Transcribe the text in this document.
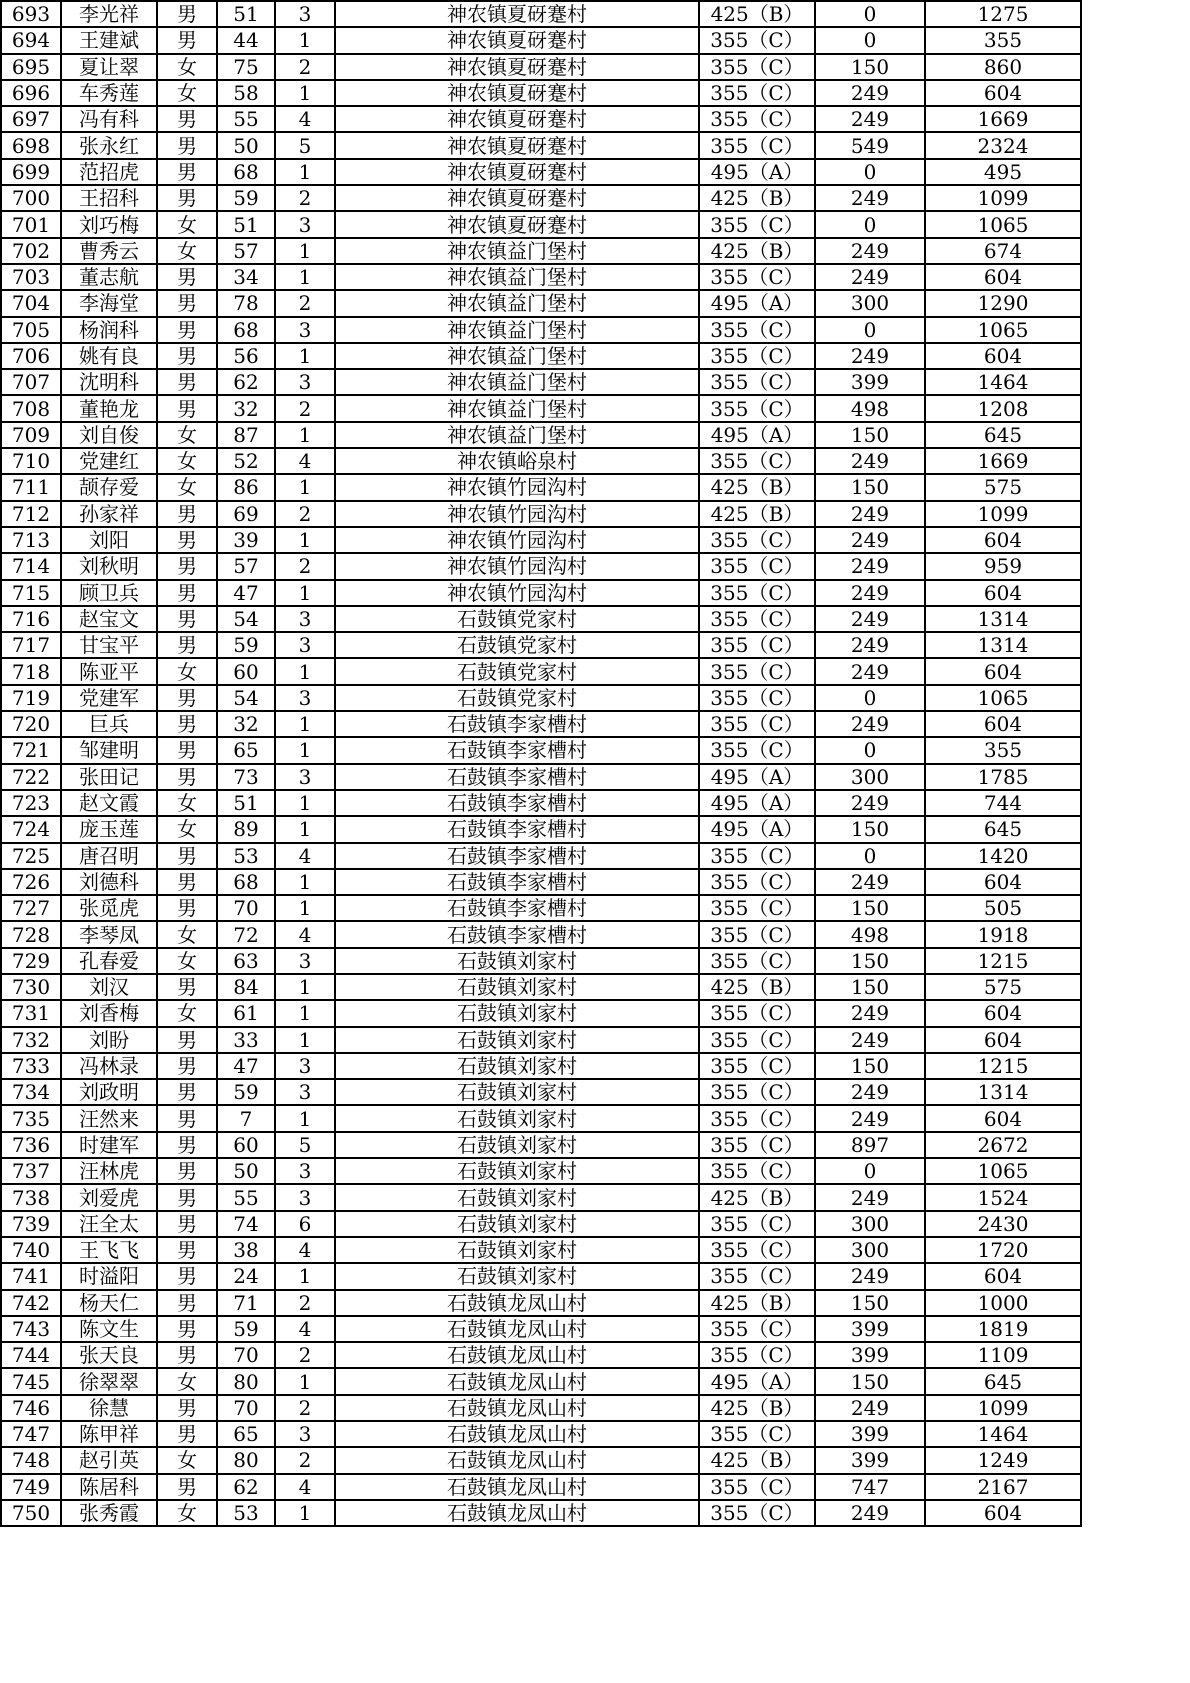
693	李光祥	男	51	3	神农镇夏砑蹇村	425（B）	0	1275
694	王建斌	男	44	1	神农镇夏砑蹇村	355（C）	0	355
695	夏让翠	女	75	2	神农镇夏砑蹇村	355（C）	150	860
696	车秀莲	女	58	1	神农镇夏砑蹇村	355（C）	249	604
697	冯有科	男	55	4	神农镇夏砑蹇村	355（C）	249	1669
698	张永红	男	50	5	神农镇夏砑蹇村	355（C）	549	2324
699	范招虎	男	68	1	神农镇夏砑蹇村	495（A）	0	495
700	王招科	男	59	2	神农镇夏砑蹇村	425（B）	249	1099
701	刘巧梅	女	51	3	神农镇夏砑蹇村	355（C）	0	1065
702	曹秀云	女	57	1	神农镇益门堡村	425（B）	249	674
703	董志航	男	34	1	神农镇益门堡村	355（C）	249	604
704	李海堂	男	78	2	神农镇益门堡村	495（A）	300	1290
705	杨润科	男	68	3	神农镇益门堡村	355（C）	0	1065
706	姚有良	男	56	1	神农镇益门堡村	355（C）	249	604
707	沈明科	男	62	3	神农镇益门堡村	355（C）	399	1464
708	董艳龙	男	32	2	神农镇益门堡村	355（C）	498	1208
709	刘自俊	女	87	1	神农镇益门堡村	495（A）	150	645
710	党建红	女	52	4	神农镇峪泉村	355（C）	249	1669
711	颉存爱	女	86	1	神农镇竹园沟村	425（B）	150	575
712	孙家祥	男	69	2	神农镇竹园沟村	425（B）	249	1099
713	刘阳	男	39	1	神农镇竹园沟村	355（C）	249	604
714	刘秋明	男	57	2	神农镇竹园沟村	355（C）	249	959
715	顾卫兵	男	47	1	神农镇竹园沟村	355（C）	249	604
716	赵宝文	男	54	3	石鼓镇党家村	355（C）	249	1314
717	甘宝平	男	59	3	石鼓镇党家村	355（C）	249	1314
718	陈亚平	女	60	1	石鼓镇党家村	355（C）	249	604
719	党建军	男	54	3	石鼓镇党家村	355（C）	0	1065
720	巨兵	男	32	1	石鼓镇李家槽村	355（C）	249	604
721	邹建明	男	65	1	石鼓镇李家槽村	355（C）	0	355
722	张田记	男	73	3	石鼓镇李家槽村	495（A）	300	1785
723	赵文霞	女	51	1	石鼓镇李家槽村	495（A）	249	744
724	庞玉莲	女	89	1	石鼓镇李家槽村	495（A）	150	645
725	唐召明	男	53	4	石鼓镇李家槽村	355（C）	0	1420
726	刘德科	男	68	1	石鼓镇李家槽村	355（C）	249	604
727	张觅虎	男	70	1	石鼓镇李家槽村	355（C）	150	505
728	李琴凤	女	72	4	石鼓镇李家槽村	355（C）	498	1918
729	孔春爱	女	63	3	石鼓镇刘家村	355（C）	150	1215
730	刘汉	男	84	1	石鼓镇刘家村	425（B）	150	575
731	刘香梅	女	61	1	石鼓镇刘家村	355（C）	249	604
732	刘盼	男	33	1	石鼓镇刘家村	355（C）	249	604
733	冯林录	男	47	3	石鼓镇刘家村	355（C）	150	1215
734	刘政明	男	59	3	石鼓镇刘家村	355（C）	249	1314
735	汪然来	男	7	1	石鼓镇刘家村	355（C）	249	604
736	时建军	男	60	5	石鼓镇刘家村	355（C）	897	2672
737	汪林虎	男	50	3	石鼓镇刘家村	355（C）	0	1065
738	刘爱虎	男	55	3	石鼓镇刘家村	425（B）	249	1524
739	汪全太	男	74	6	石鼓镇刘家村	355（C）	300	2430
740	王飞飞	男	38	4	石鼓镇刘家村	355（C）	300	1720
741	时溢阳	男	24	1	石鼓镇刘家村	355（C）	249	604
742	杨天仁	男	71	2	石鼓镇龙凤山村	425（B）	150	1000
743	陈文生	男	59	4	石鼓镇龙凤山村	355（C）	399	1819
744	张天良	男	70	2	石鼓镇龙凤山村	355（C）	399	1109
745	徐翠翠	女	80	1	石鼓镇龙凤山村	495（A）	150	645
746	徐慧	男	70	2	石鼓镇龙凤山村	425（B）	249	1099
747	陈甲祥	男	65	3	石鼓镇龙凤山村	355（C）	399	1464
748	赵引英	女	80	2	石鼓镇龙凤山村	425（B）	399	1249
749	陈居科	男	62	4	石鼓镇龙凤山村	355（C）	747	2167
750	张秀霞	女	53	1	石鼓镇龙凤山村	355（C）	249	604
